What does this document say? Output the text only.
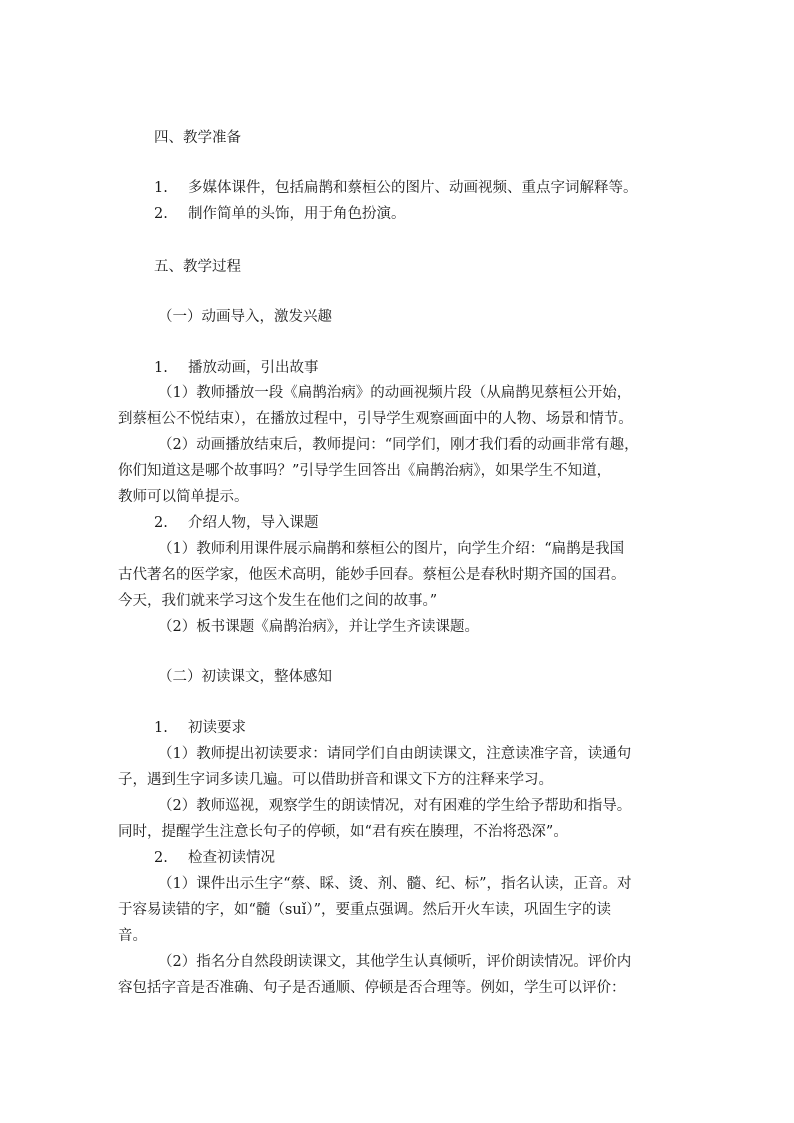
四、教学准备
1. 多媒体课件，包括扁鹊和蔡桓公的图片、动画视频、重点字词解释等。
2. 制作简单的头饰，用于角色扮演。
五、教学过程
（一）动画导入，激发兴趣
1. 播放动画，引出故事
（1）教师播放一段《扁鹊治病》的动画视频片段（从扁鹊见蔡桓公开始，
到蔡桓公不悦结束），在播放过程中，引导学生观察画面中的人物、场景和情节。
（2）动画播放结束后，教师提问：“同学们，刚才我们看的动画非常有趣，
你们知道这是哪个故事吗？”引导学生回答出《扁鹊治病》，如果学生不知道，
教师可以简单提示。
2. 介绍人物，导入课题
（1）教师利用课件展示扁鹊和蔡桓公的图片，向学生介绍：“扁鹊是我国
古代著名的医学家，他医术高明，能妙手回春。蔡桓公是春秋时期齐国的国君。
今天，我们就来学习这个发生在他们之间的故事。”
（2）板书课题《扁鹊治病》，并让学生齐读课题。
（二）初读课文，整体感知
1. 初读要求
（1）教师提出初读要求：请同学们自由朗读课文，注意读准字音，读通句
子，遇到生字词多读几遍。可以借助拼音和课文下方的注释来学习。
（2）教师巡视，观察学生的朗读情况，对有困难的学生给予帮助和指导。
同时，提醒学生注意长句子的停顿，如“君有疾在腠理，不治将恐深”。
2. 检查初读情况
（1）课件出示生字“蔡、睬、烫、剂、髓、纪、标”，指名认读，正音。对
于容易读错的字，如“髓（suǐ）”，要重点强调。然后开火车读，巩固生字的读
音。
（2）指名分自然段朗读课文，其他学生认真倾听，评价朗读情况。评价内
容包括字音是否准确、句子是否通顺、停顿是否合理等。例如，学生可以评价：
